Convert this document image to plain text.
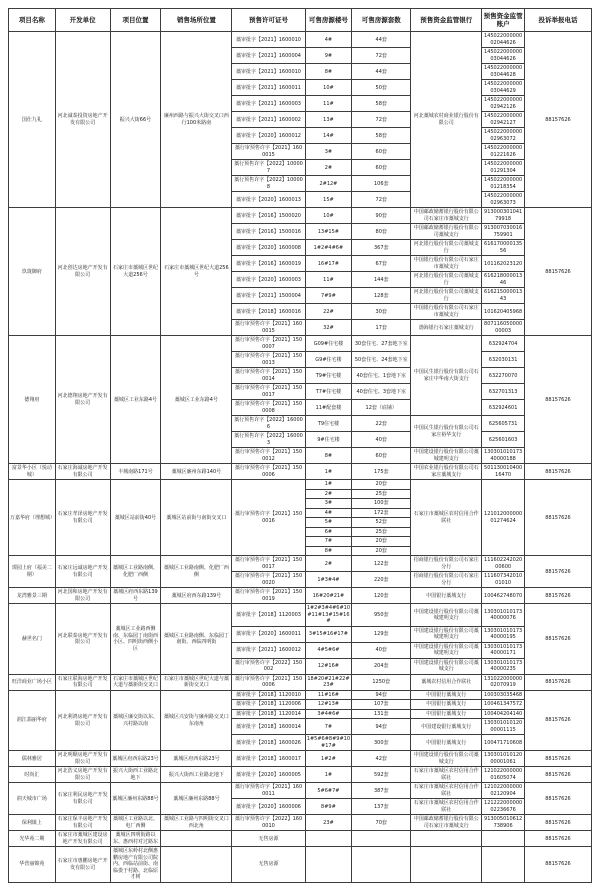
项目名称	开发单位	项目位置	销售场所位置	预售许可证号	可售房源楼号	可售房源套数	预售资金监管银行	预售资金监管账户	投诉举报电话
国仕九礼	河北诚泰投资房地产开发有限公司	振兴大街66号	廉州西路与振兴大街交叉口西行100米路南	藁审批字【2021】1600010	4#	44套	河北藁城农村商业银行股份有限公司	14502200000002044626	88157626
				藁审批字【2021】1600004	9#	72套		14502200000003044626	
				藁审批字【2021】1600010	8#	44套		14502200000003044628	
				藁审批字【2021】1600011	10#	50套		14502200000003044629	
				藁审批字【2021】1600003	11#	58套		14502200000002942126	
				藁审批字【2021】1600002	13#	72套		14502200000002942127	
				藁审批字【2020】1600012	14#	58套		14502200000002963072	
				藁行审预售许字【2021】1600015	3#	60套		14502200000001221626	
				藁行预售许字【2022】100007	2#	60套		14502200000001291304	
				藁行预售许字【2022】100008	2#12#	106套		14502200000001218354	
				藁审批字【2020】1600013	15#	72套		14502200000002963073	
玖珑御府	河北创达房地产开发有限公司	石家庄市藁城区世纪大道256号	石家庄市藁城区世纪大道256号	藁审批字【2016】1500020	10#	90套	中国邮政储蓄银行股份有限公司石家庄市藁城支行	91300030104179918	88157626
				藁审批字【2016】1500016	13#15#	80套	中国邮政储蓄银行股份有限公司藁城支行	913007030016759901	
				藁审批字【2020】1600008	1#2#4#6#	367套	河北银行股份有限公司藁城支行	61617000013556	
				藁审批字【2016】1600019	16#17#	67套	中国银行股份有限公司石家庄市藁城支行	101162023120	
				藁审批字【2020】1600003	11#	144套	河北银行股份有限公司藁城支行	61621800001346	
				藁审批字【2021】1500004	7#9#	128套	河北银行股份有限公司藁城支行	61621500001343	
				藁审批字【2018】1600016	22#	30套	中国银行股份有限公司石家庄市藁城支行	101620405968	
				藁行审预售许字【2021】1600015	32#	17套	渤海银行石家庄藁城支行	80711605000000003	
德翔府	河北德翔房地产开发有限公司	藁城区工业东路4号	藁城区工业东路4号	藁行审预售许字【2021】1500007	G09#住宅楼	30套住宅、27套地下室	中国民生银行股份有限公司石家庄中华南大街支行	632924704	88157626
				藁行审预售许字【2021】1500013	G9#住宅楼	50套住宅、24套地下室		632030131	
				藁行审预售许字【2021】1500014	T9#住宅楼	40套住宅、1套地下室		632270070	
				藁行审预售许字【2021】1500017	T7#住宅楼	40套住宅、3套地下室		632701313	
				藁行审预售许字【2021】1500008	11#配套楼	12套（底铺）		632924601	
				藁行预售许字【2022】160006	T9住宅楼	22套	中国民生银行股份有限公司石家庄裕华支行	625605731	
				藁行预售许字【2022】160003	9#住宅楼	40套		625601603	
				藁行审预售许字【2021】1500012	8#	60套	中国建设银行股份有限公司藁城建明支行	13030101017340000188	
富景华小区（悦动城）	石家庄海诚房地产开发有限公司	丰城南路171号	藁城区廉州东路140号	藁行审预售许字【2021】1500006	1#	175套	中国农业银行股份有限公司石家庄藁城支行	50113001040016470	88157626
万嘉华府（理想城）	石家庄孝泽房地产开发有限公司	藁城区站前街40号	藁城区站前街与南街交叉口	藁行审预售许字【2021】1500016	1#	20套	石家庄市藁城区农村信用合作联社	12101200000001274624	88157626
					2#	25套			
					3#	100套			
					4#	172套			
					5#	52套			
					6#	25套			
					7#	20套			
					8#	20套			
璟园上府（福美二期）	石家庄远诚房地产开发有限公司	藁城区工业路南侧、化肥厂西侧	藁城区工业路南侧、化肥厂西侧	藁行审预售许字【2021】1500017	2#	122套	招商银行股份有限公司石家庄分行	11160224202000600	88157626
				藁行审预售许字【2021】1500020	1#3#4#	220套	招商银行股份有限公司石家庄分行	11160734201001010	
龙湾雅景三期	河北国和房地产开发有限公司	藁城区府西东路139号	藁城区府西东路139号	藁行审预售许字【2021】1500019	16#20#21#	120套	中国银行藁城支行	100462748070	88157626
赫世名门	河北联泰房地产开发有限公司	藁城区工业路西侧南、东临园丁南街西小区、四明街西侧小区	藁城区工业路南侧、东临园丁南街、西临四明街	藁审批字【2018】1120003	1#2#3#4#6#10#11#13#15#16#	950套	中国建设银行股份有限公司藁城建明支行	13030101017340000076	88157626
				藁审批字【2020】1600011	3#15#16#17#	129套	中国建设银行股份有限公司藁城建明支行	13030101017340000195	
				藁审批字【2021】1600012	4#5#6#	40套	中国建设银行股份有限公司藁城建明支行	13030101017340000171	
				藁行审预售许字【2022】150002	12#16#	204套	中国建设银行股份有限公司藁城支行	13030101017340000235	
旺洋商业广场小区	石家庄联海房地产开发有限公司	石家庄市藁城区世纪大道与藁新街交叉口	石家庄市藁城区世纪大道与藁新街交叉口	藁行审预售许字【2021】1500006	18#20#21#22#23#	1250套	藁城农村信用合作联社	13102200000002070919	88157626
润江翡丽华府	河北利鸿房地产开发有限公司	藁城区廉交街以东、兴村路以南	藁城区兴安街与廉州路交叉口东南角	藁审批字【2018】1120010	11#16#	94套	中国银行藁城支行	100303035468	88157626
				藁审批字【2018】1120006	12#13#	107套	中国银行藁城支行	100461347572	
				藁审批字【2018】1120014	3#4#6#	131套	中国银行藁城支行	100404204140	
				藁审批字【2018】1600014	7#	94套	中国建设银行藁城支行	13030101012000001115	
				藁审批字【2018】1600026	1#5#6#8#9#10#17#	300套	中国银行藁城支行	100471710608	
儒林雅居	河北明顺房地产开发有限公司	藁城区府西东路23号	藁城区府西东路23号	藁审批字【2018】1600017	1#2#	42套	中国建设银行股份有限公司藁城支行	13030101012000001061	88157626
时尚汇	河北浩义房地产开发有限公司	振兴大街西工业路北地下	振兴大街西工业路北地下	藁审批字【2020】1600005	1#	592套	石家庄市藁城区农村信用合作联社	12102200000001605074	88157626
润天城市广场	石家庄利民房地产开发有限公司	藁城区廉州东路88号	藁城区廉州东路88号	藁行审预售许字【2021】1600011	5#6#7#	387套	石家庄市藁城区农村信用合作联社	12102200000002120904	88157626
				藁审批字【2020】1600006	8#9#	137套	石家庄市藁城区农村信用合作联社	12122200000002236676	
保利镇上	石家庄保丰房地产开发有限公司	藁城区工业路以北、电厂西侧	藁城区工业路与四明街交叉口西北角	藁行审预售许字【2022】1600010	23#	70套	中国邮政储蓄银行股份有限公司石家庄市藁城支行	913005010612738906	88157626
光华苑二期	石家庄市藁城区建设房地产开发有限公司	藁城区四明街路以东、惠西村对过路东		无售房源					88157626
华营丽锦苑	石家庄市惠鹏房地产开发有限公司	藁城区东岭村北侧惠鹏房地产有限公司院内、西临站前街、南临娄于村路、北临原才树		无售房源					88157626
